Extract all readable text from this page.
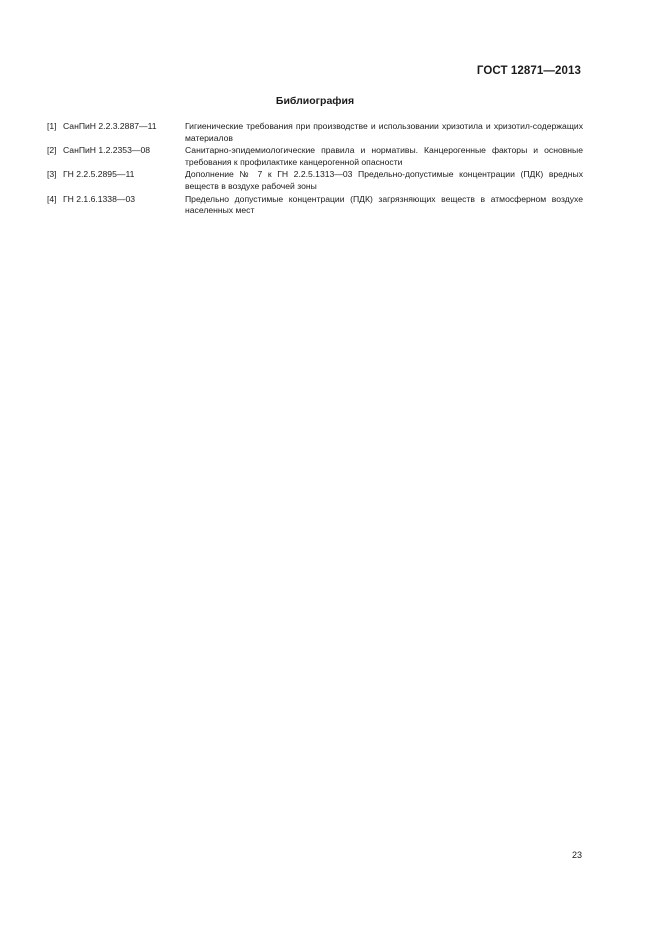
ГОСТ 12871—2013
Библиография
[1] СанПиН 2.2.3.2887—11	Гигиенические требования при производстве и использовании хризотила и хризотил-содержащих материалов
[2] СанПиН 1.2.2353—08	Санитарно-эпидемиологические правила и нормативы. Канцерогенные факторы и основные требования к профилактике канцерогенной опасности
[3] ГН 2.2.5.2895—11	Дополнение № 7 к ГН 2.2.5.1313—03 Предельно-допустимые концентрации (ПДК) вредных веществ в воздухе рабочей зоны
[4] ГН 2.1.6.1338—03	Предельно допустимые концентрации (ПДК) загрязняющих веществ в атмосферном воздухе населенных мест
23
